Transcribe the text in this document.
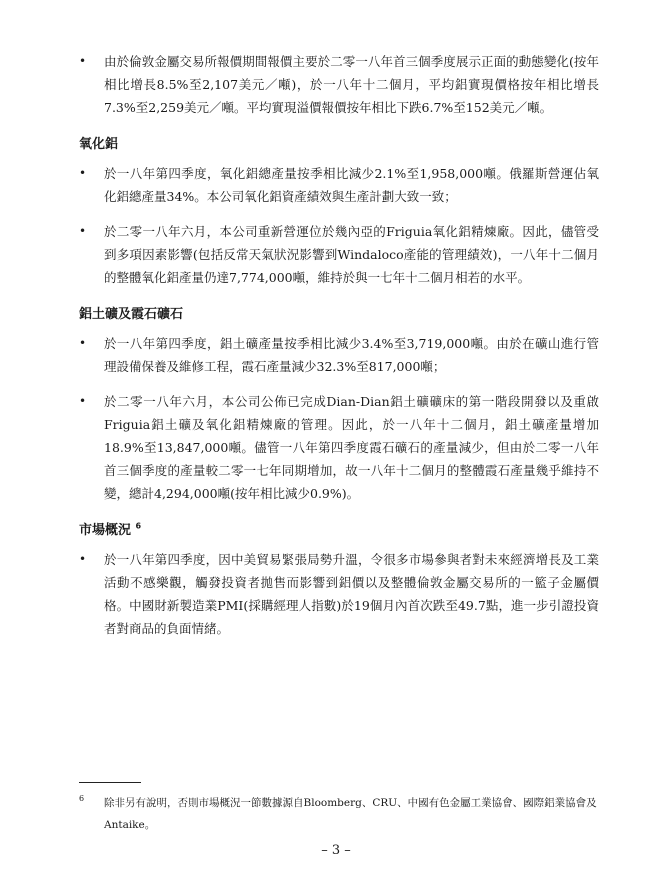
• 由於倫敦金屬交易所報價期間報價主要於二零一八年首三個季度展示正面的動態變化(按年相比增長8.5%至2,107美元／噸)，於一八年十二個月，平均鋁實現價格按年相比增長7.3%至2,259美元／噸。平均實現溢價報價按年相比下跌6.7%至152美元／噸。
氧化鋁
• 於一八年第四季度，氧化鋁總產量按季相比減少2.1%至1,958,000噸。俄羅斯營運佔氧化鋁總產量34%。本公司氧化鋁資產績效與生產計劃大致一致；
• 於二零一八年六月，本公司重新營運位於幾內亞的Friguia氧化鋁精煉廠。因此，儘管受到多項因素影響(包括反常天氣狀況影響到Windaloco產能的管理績效)，一八年十二個月的整體氧化鋁產量仍達7,774,000噸，維持於與一七年十二個月相若的水平。
鋁土礦及霞石礦石
• 於一八年第四季度，鋁土礦產量按季相比減少3.4%至3,719,000噸。由於在礦山進行管理設備保養及維修工程，霞石產量減少32.3%至817,000噸；
• 於二零一八年六月，本公司公佈已完成Dian-Dian鋁土礦礦床的第一階段開發以及重啟Friguia鋁土礦及氧化鋁精煉廠的管理。因此，於一八年十二個月，鋁土礦產量增加18.9%至13,847,000噸。儘管一八年第四季度霞石礦石的產量減少，但由於二零一八年首三個季度的產量較二零一七年同期增加，故一八年十二個月的整體霞石產量幾乎維持不變，總計4,294,000噸(按年相比減少0.9%)。
市場概況 $^6$
• 於一八年第四季度，因中美貿易緊張局勢升溫，令很多市場參與者對未來經濟增長及工業活動不感樂觀，觸發投資者拋售而影響到鋁價以及整體倫敦金屬交易所的一籃子金屬價格。中國財新製造業PMI(採購經理人指數)於19個月內首次跌至49.7點，進一步引證投資者對商品的負面情緒。
6	除非另有說明，否則市場概況一節數據源自Bloomberg、CRU、中國有色金屬工業協會、國際鋁業協會及Antaike。
– 3 –
